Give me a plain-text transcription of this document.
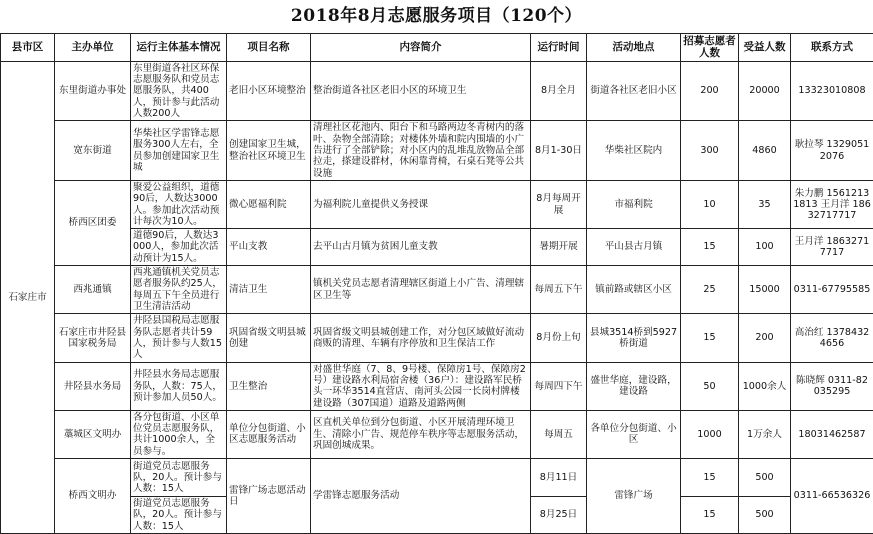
2018年8月志愿服务项目（120个）
县市区	主办单位	运行主体基本情况	项目名称	内容简介	运行时间	活动地点	招募志愿者人数	受益人数	联系方式
石家庄市	东里街道办事处	东里街道各社区环保志愿服务队和党员志愿服务队，共400人，预计参与此活动人数200人	老旧小区环境整治	整治街道各社区老旧小区的环境卫生	8月全月	街道各社区老旧小区	200	20000	13323010808
	宽东街道	华柴社区学雷锋志愿服务300人左右，全员参加创建国家卫生城	创建国家卫生城，整治社区环境卫生	清理社区花池内、阳台下和马路两边冬青树内的落叶、杂物全部清除；对楼体外墙和院内围墙的小广告进行了全部铲除；对小区内的乱堆乱放物品全部拉走，搽建设群材，休闲靠背椅，石桌石凳等公共设施	8月1-30日	华柴社区院内	300	4860	耿拉琴 13290512076
	桥西区团委	聚爱公益组织，道德90后，人数达3000人。参加此次活动预计每次为10人。	微心愿福利院	为福利院儿童提供义务授课	8月每周开展	市福利院	10	35	朱力鹏 15612131813 王月洋 18632717717
		道德90后，人数达3000人，参加此次活动预计为15人。	平山支教	去平山古月镇为贫困儿童支教	暑期开展	平山县古月镇	15	100	王月洋 18632717717
	西兆通镇	西兆通镇机关党员志愿者服务队约25人，每周五下午全员进行卫生清洁活动	清洁卫生	镇机关党员志愿者清理辖区街道上小广告、清理辖区卫生等	每周五下午	镇前路或辖区小区	25	15000	0311-67795585
	石家庄市井陉县国家税务局	井陉县国税局志愿服务队志愿者共计59人，预计参与人数15人	巩固省级文明县城创建	巩固省级文明县城创建工作，对分包区域做好流动商贩的清理、车辆有序停放和卫生保洁工作	8月份上旬	县城3514桥到5927桥街道	15	200	高治红 13784324656
	井陉县水务局	井陉县水务局志愿服务队，人数：75人，预计参加人员50人。	卫生整治	对盛世华庭（7、8、9号楼、保障房1号、保障房2号）建设路水利局宿舍楼（36户）：建设路军民桥头一环华3514直营店、南河头公园一长岗村牌楼建设路（307国道）道路及道路两侧	每周四下午	盛世华庭，建设路，建设路	50	1000余人	陈晓辉 0311-82035295
	藁城区文明办	各分包街道、小区单位党员志愿服务队，共计1000余人，全员参与。	单位分包街道、小区志愿服务活动	区直机关单位到分包街道、小区开展清理环境卫生、清除小广告、规范停车秩序等志愿服务活动，巩固创城成果。	每周五	各单位分包街道、小区	1000	1万余人	18031462587
	桥西文明办	街道党员志愿服务队，20人。预计参与人数：15人	雷锋广场志愿活动日	学雷锋志愿服务活动	8月11日	雷锋广场	15	500	0311-66536326
		街道党员志愿服务队，20人。预计参与人数：15人			8月25日		15	500	
